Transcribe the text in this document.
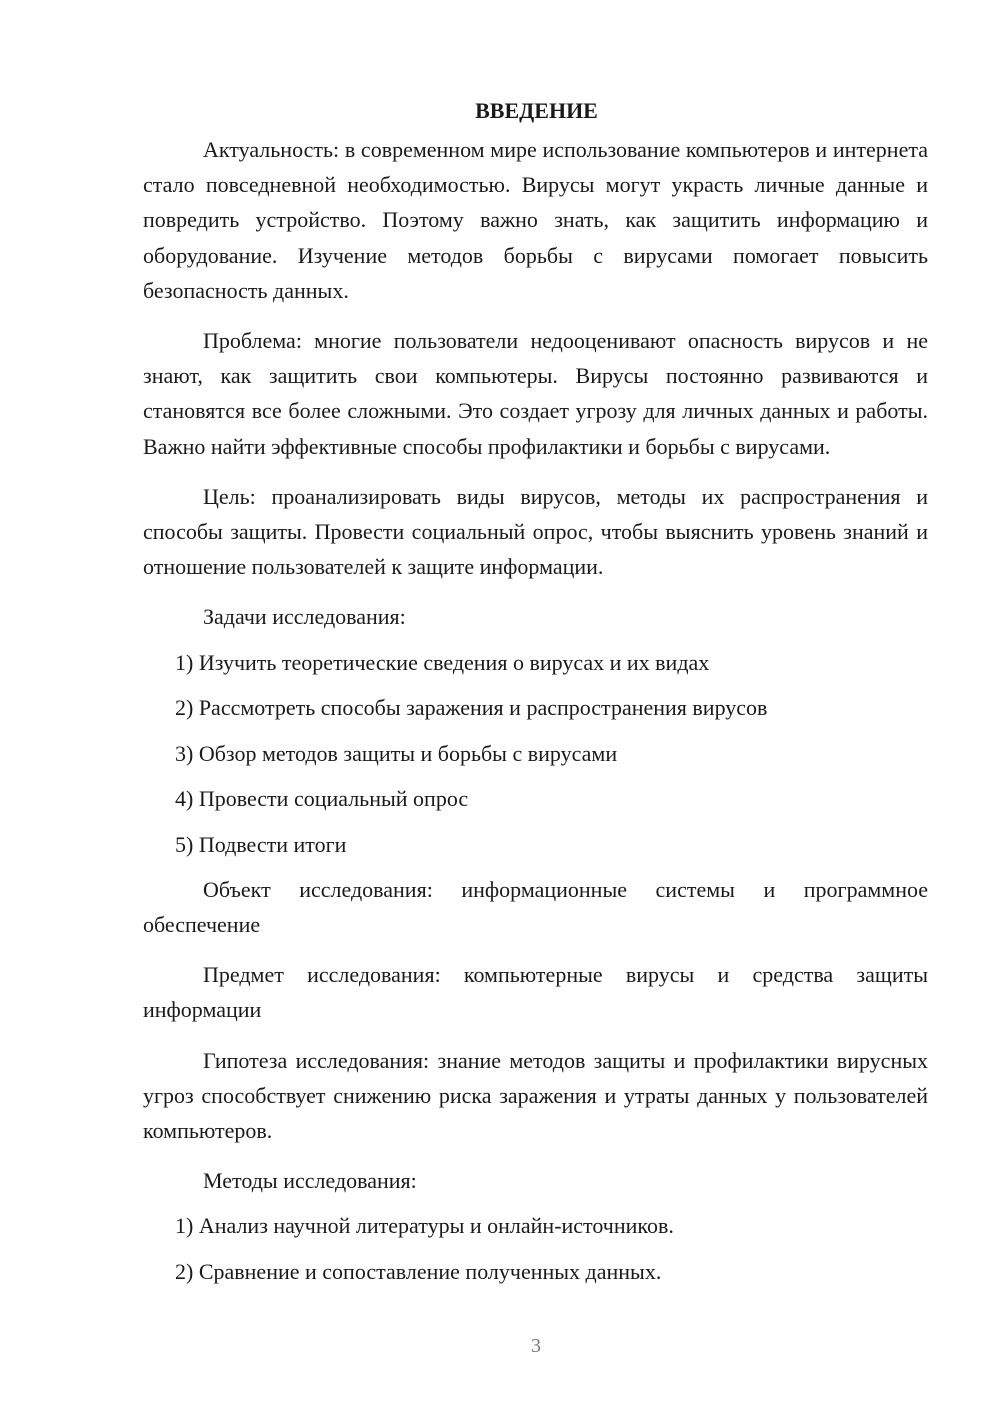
ВВЕДЕНИЕ

Актуальность: в современном мире использование компьютеров и интернета стало повседневной необходимостью. Вирусы могут украсть личные данные и повредить устройство. Поэтому важно знать, как защитить информацию и оборудование. Изучение методов борьбы с вирусами помогает повысить безопасность данных.

Проблема: многие пользователи недооценивают опасность вирусов и не знают, как защитить свои компьютеры. Вирусы постоянно развиваются и становятся все более сложными. Это создает угрозу для личных данных и работы. Важно найти эффективные способы профилактики и борьбы с вирусами.

Цель: проанализировать виды вирусов, методы их распространения и способы защиты. Провести социальный опрос, чтобы выяснить уровень знаний и отношение пользователей к защите информации.

Задачи исследования:
1) Изучить теоретические сведения о вирусах и их видах
2) Рассмотреть способы заражения и распространения вирусов
3) Обзор методов защиты и борьбы с вирусами
4) Провести социальный опрос
5) Подвести итоги

Объект исследования: информационные системы и программное обеспечение

Предмет исследования: компьютерные вирусы и средства защиты информации

Гипотеза исследования: знание методов защиты и профилактики вирусных угроз способствует снижению риска заражения и утраты данных у пользователей компьютеров.

Методы исследования:
1) Анализ научной литературы и онлайн-источников.
2) Сравнение и сопоставление полученных данных.
3
